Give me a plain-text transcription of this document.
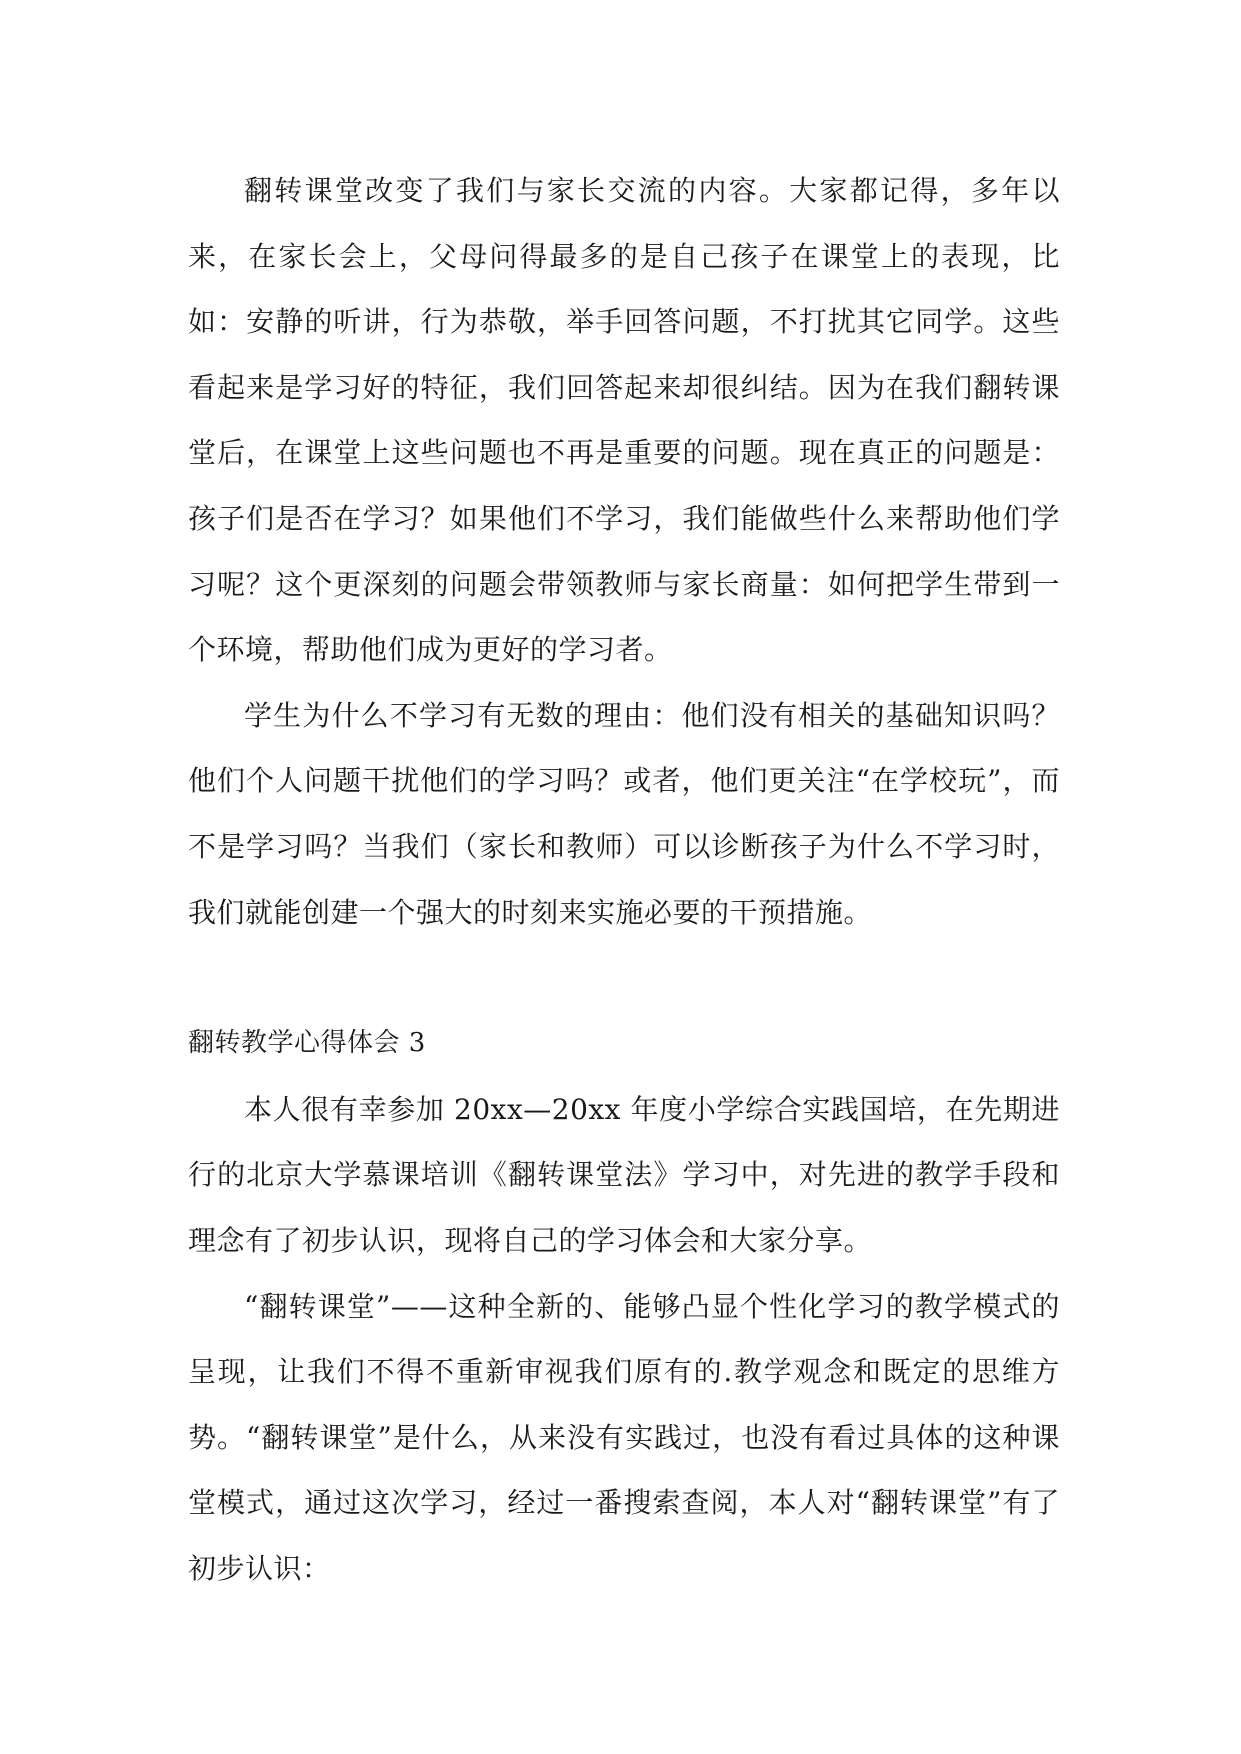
翻转课堂改变了我们与家长交流的内容。大家都记得，多年以来，在家长会上，父母问得最多的是自己孩子在课堂上的表现，比如：安静的听讲，行为恭敬，举手回答问题，不打扰其它同学。这些看起来是学习好的特征，我们回答起来却很纠结。因为在我们翻转课堂后，在课堂上这些问题也不再是重要的问题。现在真正的问题是：孩子们是否在学习？如果他们不学习，我们能做些什么来帮助他们学习呢？这个更深刻的问题会带领教师与家长商量：如何把学生带到一个环境，帮助他们成为更好的学习者。

学生为什么不学习有无数的理由：他们没有相关的基础知识吗？他们个人问题干扰他们的学习吗？或者，他们更关注“在学校玩”，而不是学习吗？当我们（家长和教师）可以诊断孩子为什么不学习时，我们就能创建一个强大的时刻来实施必要的干预措施。

翻转教学心得体会 3

本人很有幸参加 20xx—20xx 年度小学综合实践国培，在先期进行的北京大学慕课培训《翻转课堂法》学习中，对先进的教学手段和理念有了初步认识，现将自己的学习体会和大家分享。

“翻转课堂”——这种全新的、能够凸显个性化学习的教学模式的呈现，让我们不得不重新审视我们原有的.教学观念和既定的思维方势。“翻转课堂”是什么，从来没有实践过，也没有看过具体的这种课堂模式，通过这次学习，经过一番搜索查阅，本人对“翻转课堂”有了初步认识：
